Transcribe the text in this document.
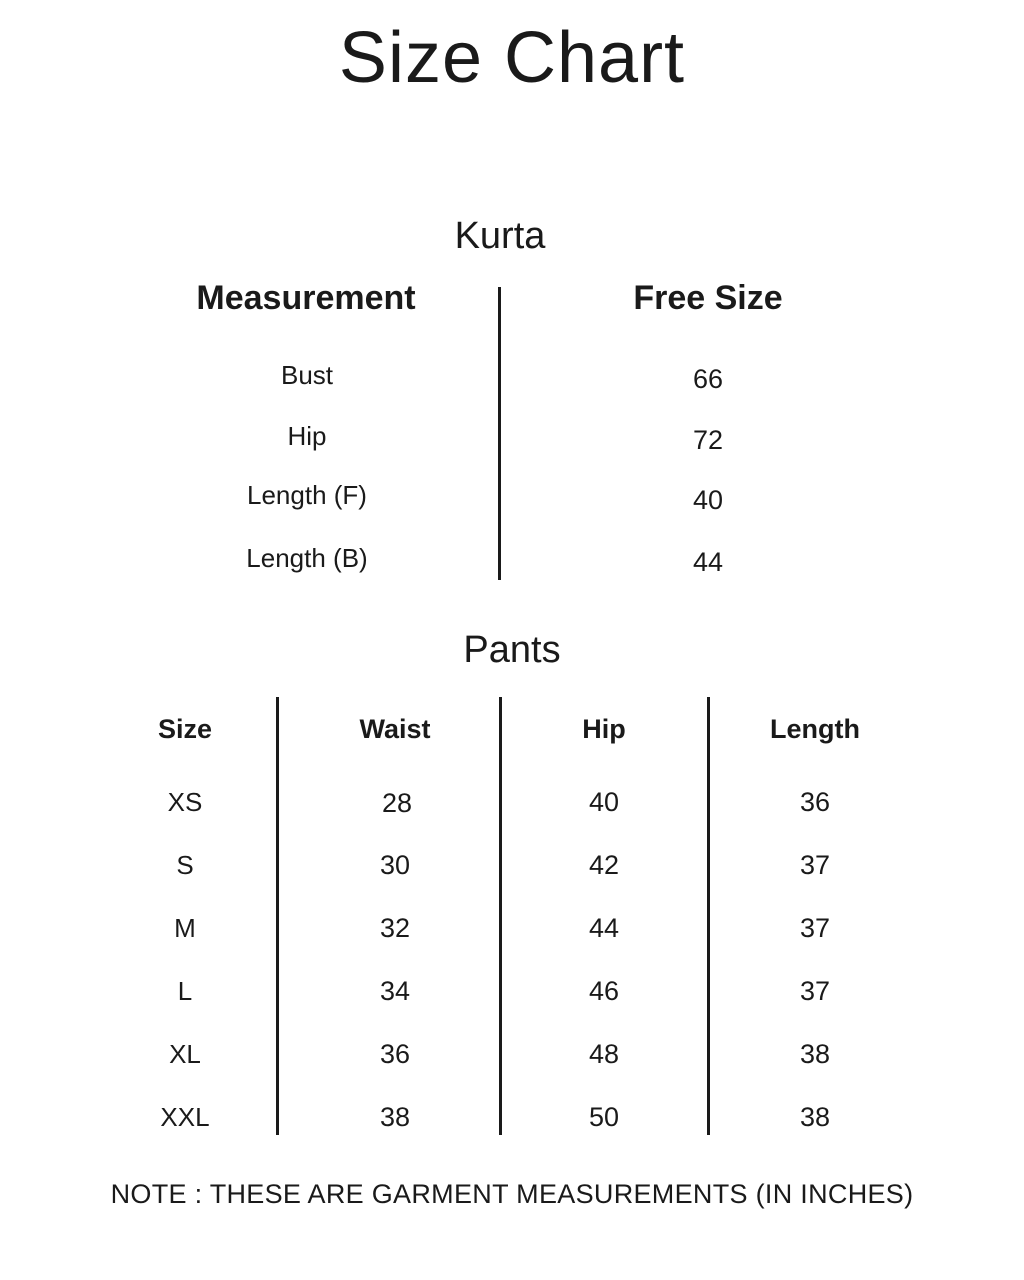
Size Chart
Kurta
Measurement	Free Size
Bust	66
Hip	72
Length (F)	40
Length (B)	44
Pants
Size	Waist	Hip	Length
XS	28	40	36
S	30	42	37
M	32	44	37
L	34	46	37
XL	36	48	38
XXL	38	50	38
NOTE : THESE ARE GARMENT MEASUREMENTS (IN INCHES)
